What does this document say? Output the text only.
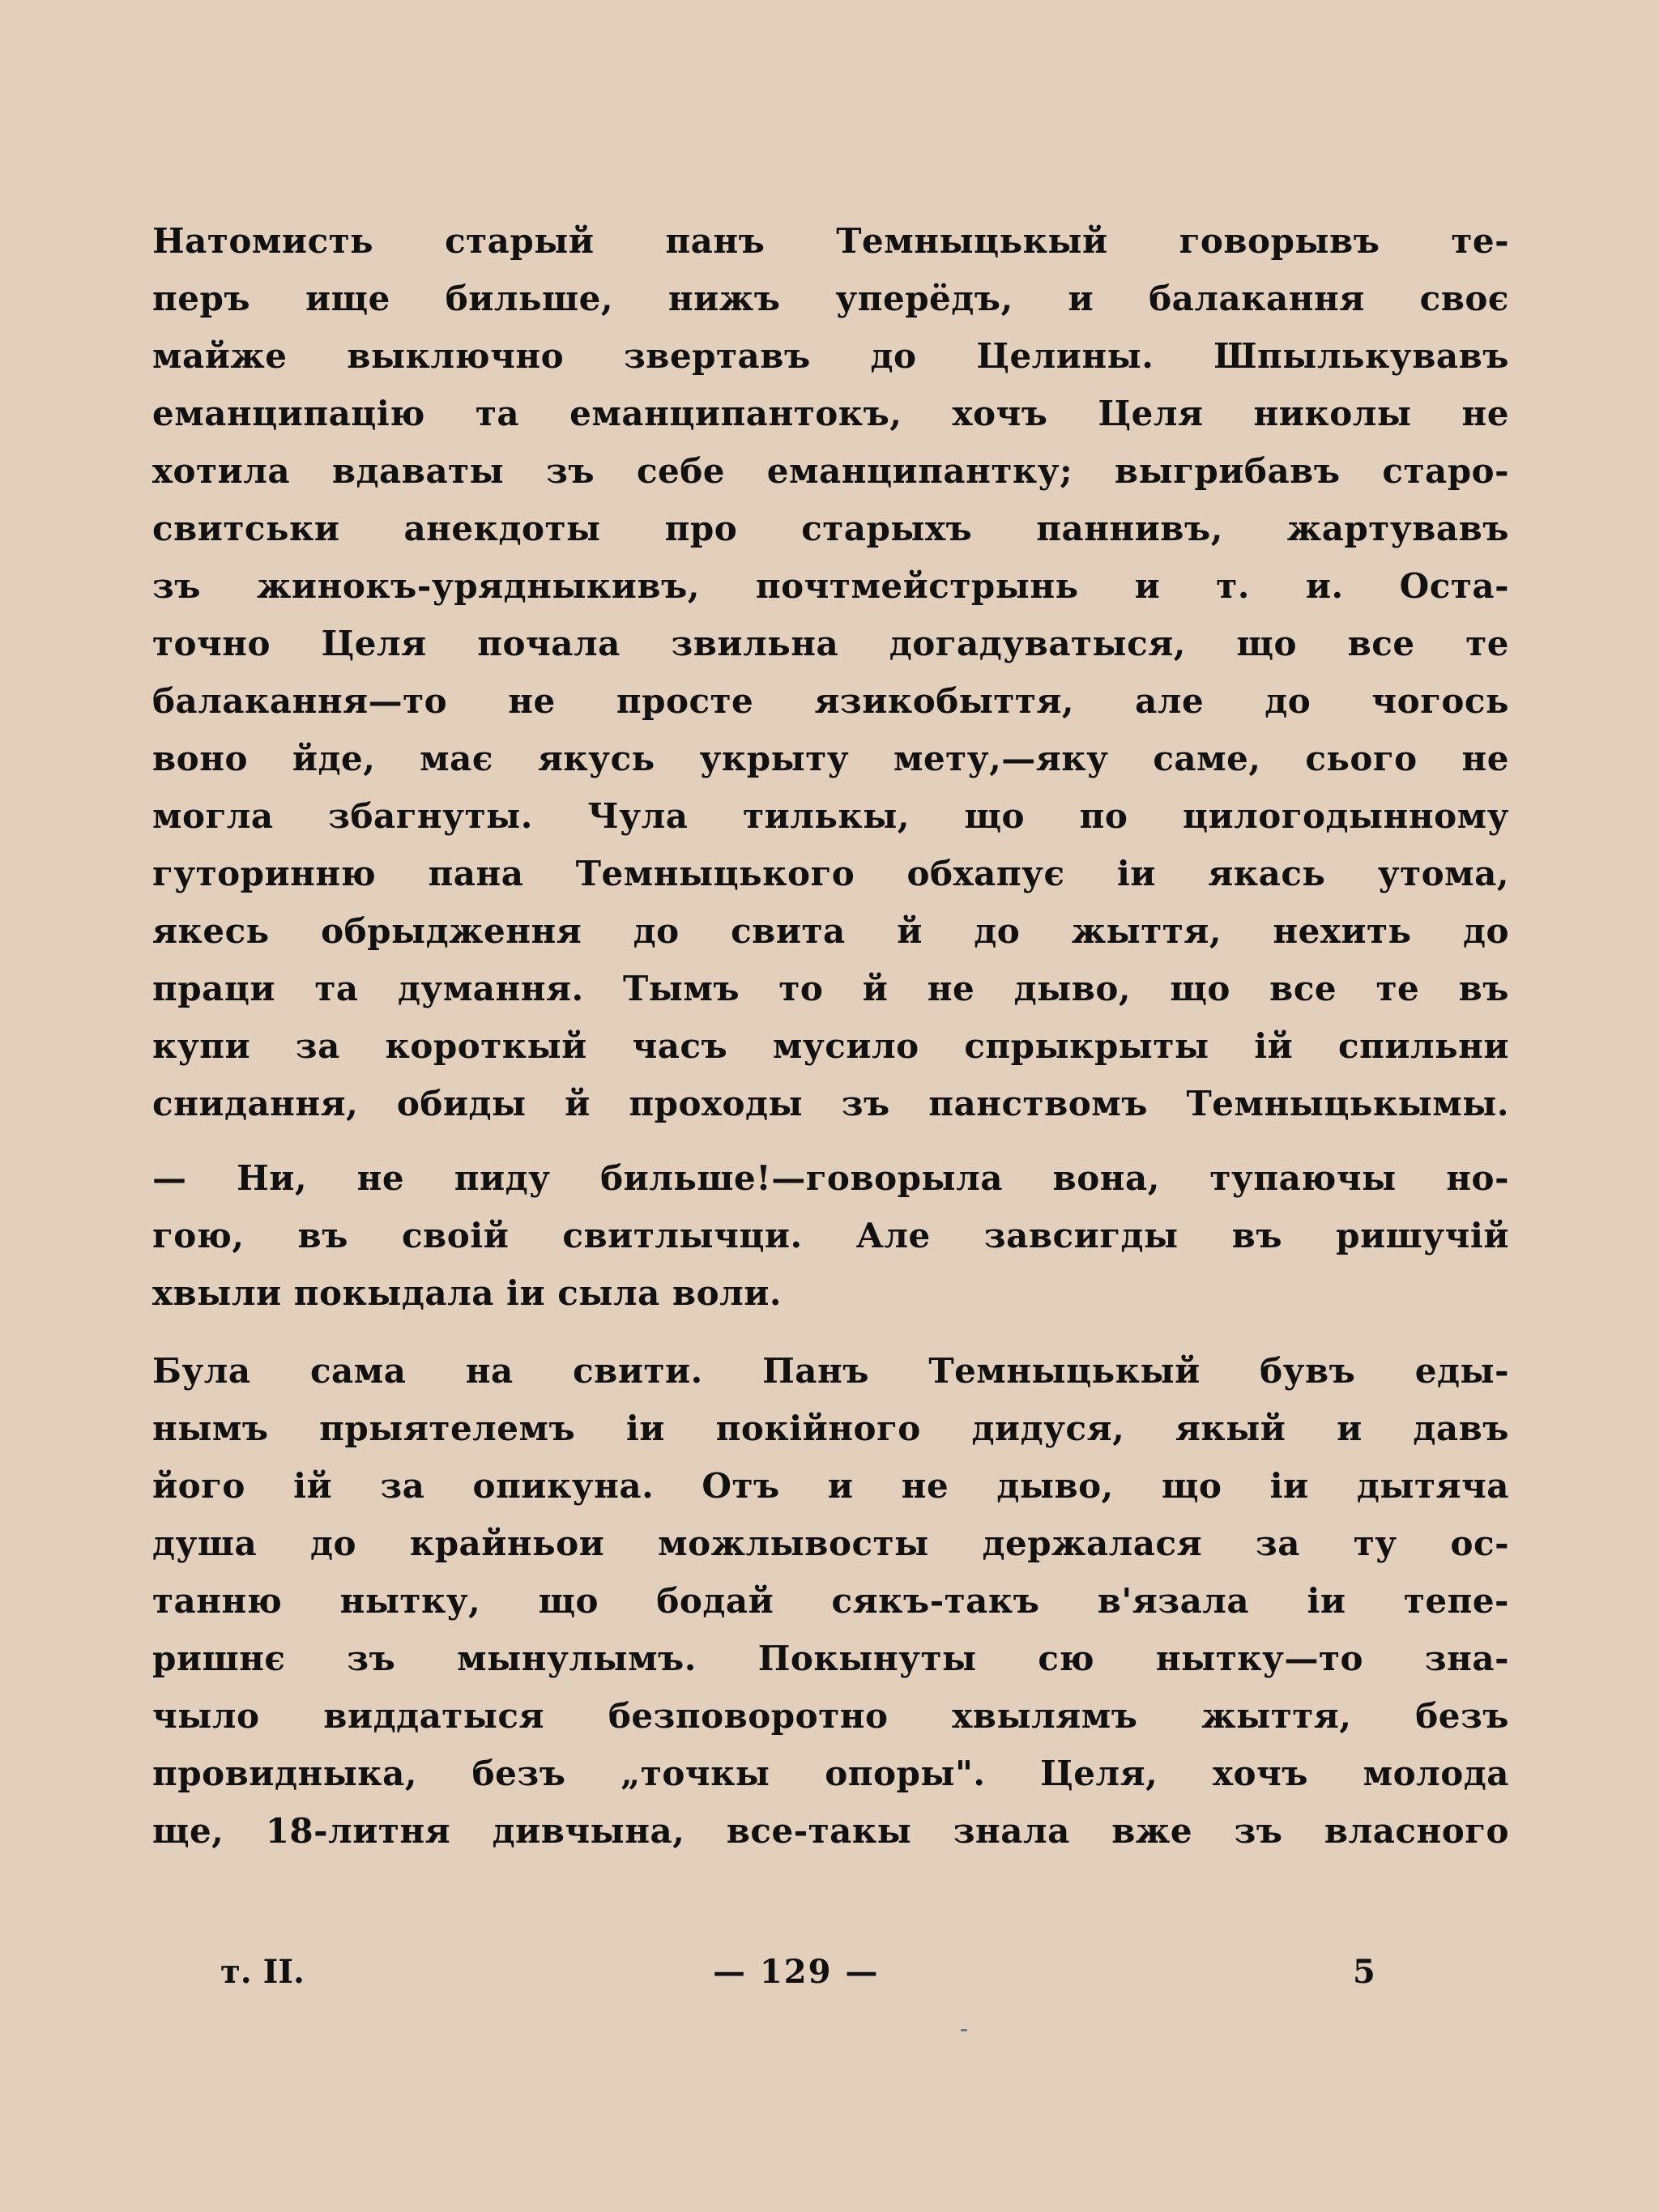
Натомисть старый панъ Темныцькый говорывъ те-
перъ ище бильше, нижъ уперёдъ, и балакання своє
майже выключно звертавъ до Целины. Шпылькувавъ
еманципацію та еманципантокъ, хочъ Целя николы не
хотила вдаваты зъ себе еманципантку; выгрибавъ старо-
свитськи анекдоты про старыхъ паннивъ, жартувавъ
зъ жинокъ-урядныкивъ, почтмейстрынь и т. и. Оста-
точно Целя почала звильна догадуватыся, що все те
балакання—то не просте язикобыття, але до чогось
воно йде, має якусь укрыту мету,—яку саме, сього не
могла збагнуты. Чула тилькы, що по цилогодынному
гуторинню пана Темныцького обхапує іи якась утома,
якесь обрыдження до свита й до жыття, нехить до
праци та думання. Тымъ то й не дыво, що все те въ
купи за короткый часъ мусило спрыкрыты ій спильни
снидання, обиды й проходы зъ панствомъ Темныцькымы.
— Ни, не пиду бильше!—говорыла вона, тупаючы но-
гою, въ своій свитлычци. Але завсигды въ ришучій
хвыли покыдала іи сыла воли.
Була сама на свити. Панъ Темныцькый бувъ еды-
нымъ прыятелемъ іи покійного дидуся, якый и давъ
його ій за опикуна. Отъ и не дыво, що іи дытяча
душа до крайньои можлывосты держалася за ту ос-
танню нытку, що бодай сякъ-такъ в'язала іи тепе-
ришнє зъ мынулымъ. Покынуты сю нытку—то зна-
чыло виддатыся безповоротно хвылямъ жыття, безъ
провидныка, безъ „точкы опоры". Целя, хочъ молода
ще, 18-литня дивчына, все-такы знала вже зъ власного
т. II.	— 129 —	5
